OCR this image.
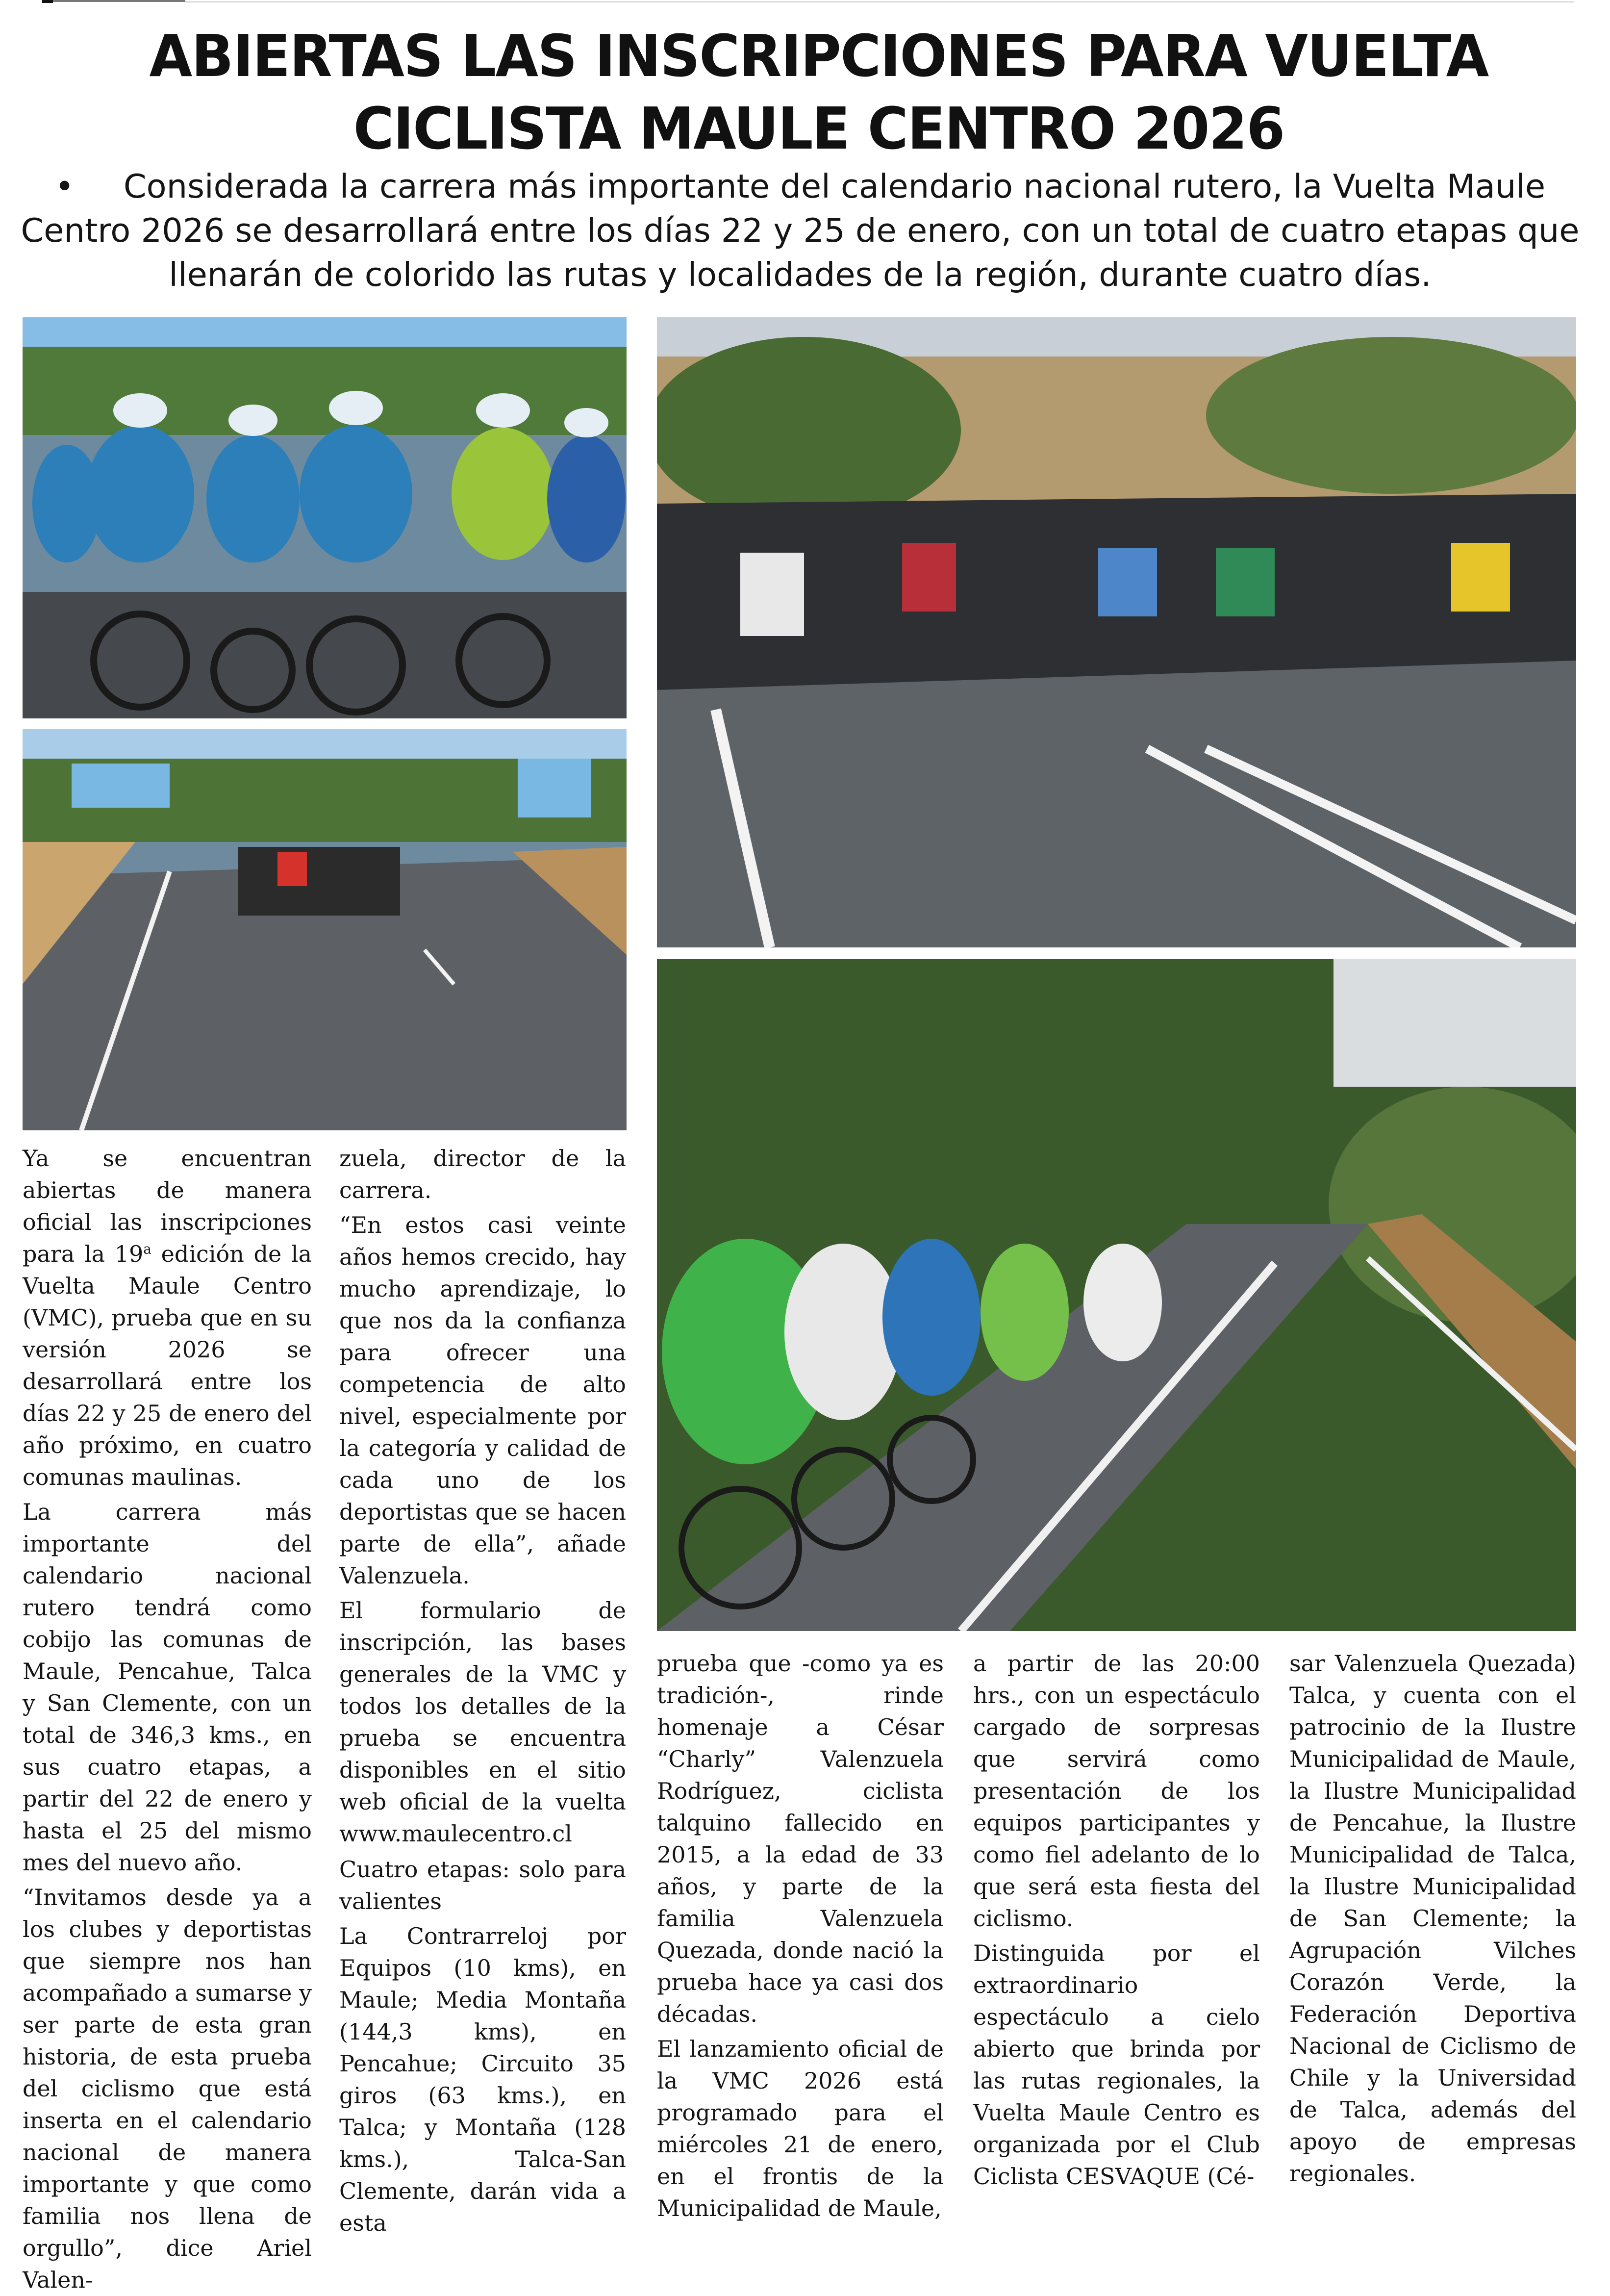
ABIERTAS LAS INSCRIPCIONES PARA VUELTA
CICLISTA MAULE CENTRO 2026

• Considerada la carrera más importante del calendario nacional rutero, la Vuelta Maule Centro 2026 se desarrollará entre los días 22 y 25 de enero, con un total de cuatro etapas que llenarán de colorido las rutas y localidades de la región, durante cuatro días.

Ya se encuentran abiertas de manera oficial las inscripciones para la 19$^a$ edición de la Vuelta Maule Centro (VMC), prueba que en su versión 2026 se desarrollará entre los días 22 y 25 de enero del año próximo, en cuatro comunas maulinas.

La carrera más importante del calendario nacional rutero tendrá como cobijo las comunas de Maule, Pencahue, Talca y San Clemente, con un total de 346,3 kms., en sus cuatro etapas, a partir del 22 de enero y hasta el 25 del mismo mes del nuevo año.

“Invitamos desde ya a los clubes y deportistas que siempre nos han acompañado a sumarse y ser parte de esta gran historia, de esta prueba del ciclismo que está inserta en el calendario nacional de manera importante y que como familia nos llena de orgullo”, dice Ariel Valen-

zuela, director de la carrera.

“En estos casi veinte años hemos crecido, hay mucho aprendizaje, lo que nos da la confianza para ofrecer una competencia de alto nivel, especialmente por la categoría y calidad de cada uno de los deportistas que se hacen parte de ella”, añade Valenzuela.

El formulario de inscripción, las bases generales de la VMC y todos los detalles de la prueba se encuentra disponibles en el sitio web oficial de la vuelta www.maulecentro.cl

Cuatro etapas: solo para valientes

La Contrarreloj por Equipos (10 kms), en Maule; Media Montaña (144,3 kms), en Pencahue; Circuito 35 giros (63 kms.), en Talca; y Montaña (128 kms.), Talca-San Clemente, darán vida a esta

prueba que -como ya es tradición-, rinde homenaje a César “Charly” Valenzuela Rodríguez, ciclista talquino fallecido en 2015, a la edad de 33 años, y parte de la familia Valenzuela Quezada, donde nació la prueba hace ya casi dos décadas.

El lanzamiento oficial de la VMC 2026 está programado para el miércoles 21 de enero, en el frontis de la Municipalidad de Maule,

a partir de las 20:00 hrs., con un espectáculo cargado de sorpresas que servirá como presentación de los equipos participantes y como fiel adelanto de lo que será esta fiesta del ciclismo.

Distinguida por el extraordinario espectáculo a cielo abierto que brinda por las rutas regionales, la Vuelta Maule Centro es organizada por el Club Ciclista CESVAQUE (Cé-

sar Valenzuela Quezada) Talca, y cuenta con el patrocinio de la Ilustre Municipalidad de Maule, la Ilustre Municipalidad de Pencahue, la Ilustre Municipalidad de Talca, la Ilustre Municipalidad de San Clemente; la Agrupación Vilches Corazón Verde, la Federación Deportiva Nacional de Ciclismo de Chile y la Universidad de Talca, además del apoyo de empresas regionales.
